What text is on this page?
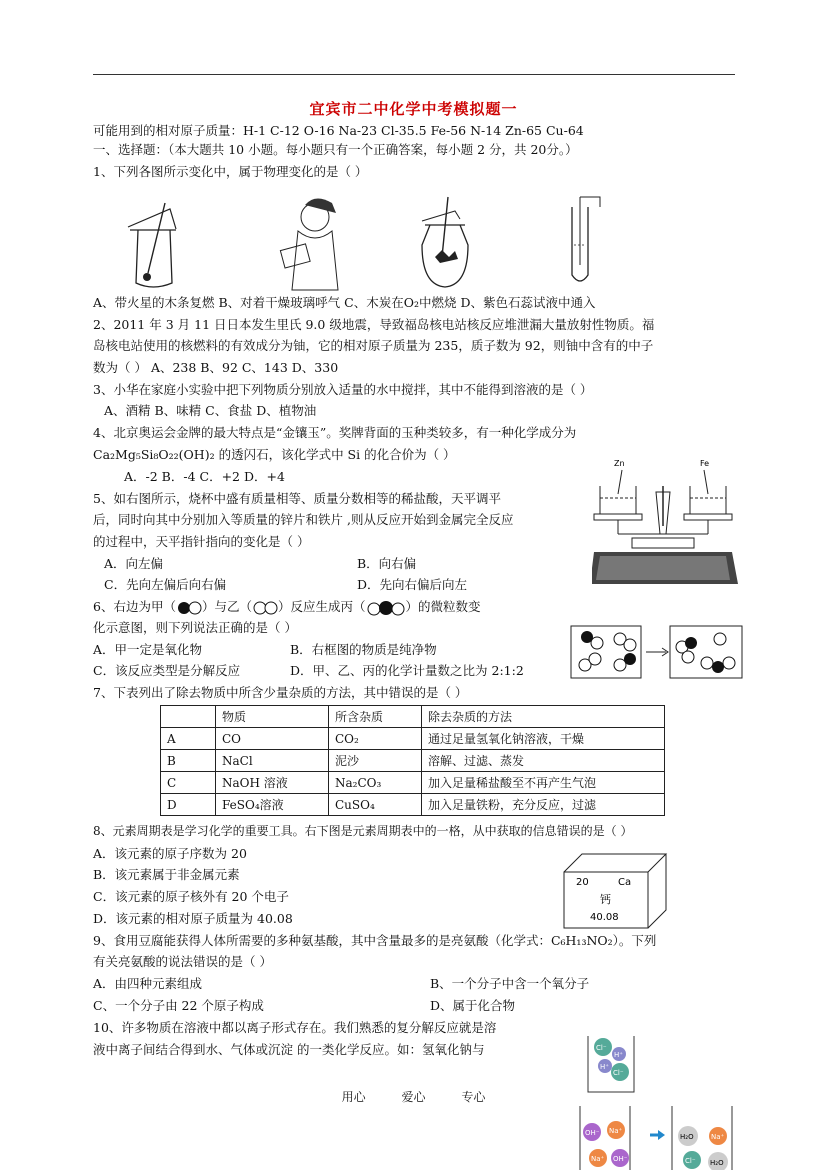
宜宾市二中化学中考模拟题一
可能用到的相对原子质量：H-1 C-12 O-16 Na-23 Cl-35.5 Fe-56 N-14 Zn-65 Cu-64
一、选择题：（本大题共 10 小题。每小题只有一个正确答案，每小题 2 分，共 20分。）
1、下列各图所示变化中，属于物理变化的是（ ）
A、带火星的木条复燃 B、对着干燥玻璃呼气 C、木炭在O₂中燃烧 D、紫色石蕊试液中通入
2、2011 年 3 月 11 日日本发生里氏 9.0 级地震，导致福岛核电站核反应堆泄漏大量放射性物质。福
岛核电站使用的核燃料的有效成分为铀，它的相对原子质量为 235，质子数为 92，则铀中含有的中子
数为（ ） A、238 B、92 C、143 D、330
3、小华在家庭小实验中把下列物质分别放入适量的水中搅拌，其中不能得到溶液的是（ ）
A、酒精 B、味精 C、食盐 D、植物油
4、北京奥运会金牌的最大特点是“金镶玉”。奖牌背面的玉种类较多，有一种化学成分为
Ca₂Mg₅Si₈O₂₂(OH)₂ 的透闪石，该化学式中 Si 的化合价为（ ）
A．-2 B．-4 C．+2 D．+4
Zn	Fe
5、如右图所示，烧杯中盛有质量相等、质量分数相等的稀盐酸，天平调平
后，同时向其中分别加入等质量的锌片和铁片 ,则从反应开始到金属完全反应
的过程中，天平指针指向的变化是（ ）
A．向左偏	B．向右偏
C．先向左偏后向右偏	D．先向右偏后向左
6、右边为甲（ ）与乙（ ）反应生成丙（	）的微粒数变
化示意图，则下列说法正确的是（ ）
A．甲一定是氧化物	B．右框图的物质是纯净物
C．该反应类型是分解反应	D．甲、乙、丙的化学计量数之比为 2:1:2
7、下表列出了除去物质中所含少量杂质的方法，其中错误的是（ ）
	物质	所含杂质	除去杂质的方法
A	CO	CO₂	通过足量氢氧化钠溶液，干燥
B	NaCl	泥沙	溶解、过滤、蒸发
C	NaOH 溶液	Na₂CO₃	加入足量稀盐酸至不再产生气泡
D	FeSO₄溶液	CuSO₄	加入足量铁粉，充分反应，过滤
8、元素周期表是学习化学的重要工具。右下图是元素周期表中的一格，从中获取的信息错误的是（ ）
A．该元素的原子序数为 20
B．该元素属于非金属元素
C．该元素的原子核外有 20 个电子
D．该元素的相对原子质量为 40.08
20	Ca
钙
40.08
9、食用豆腐能获得人体所需要的多种氨基酸，其中含量最多的是亮氨酸（化学式：C₆H₁₃NO₂）。下列
有关亮氨酸的说法错误的是（ ）
A．由四种元素组成	B、一个分子中含一个氧分子
C、一个分子由 22 个原子构成	D、属于化合物
10、许多物质在溶液中都以离子形式存在。我们熟悉的复分解反应就是溶
液中离子间结合得到水、气体或沉淀 的一类化学反应。如：氢氧化钠与	Cl⁻
H⁺
H⁺
Cl⁻
OH⁻ Na⁺
Na⁺ OH⁻
H₂O Na⁺
Cl⁻ H₂O
用心	爱心	专心
